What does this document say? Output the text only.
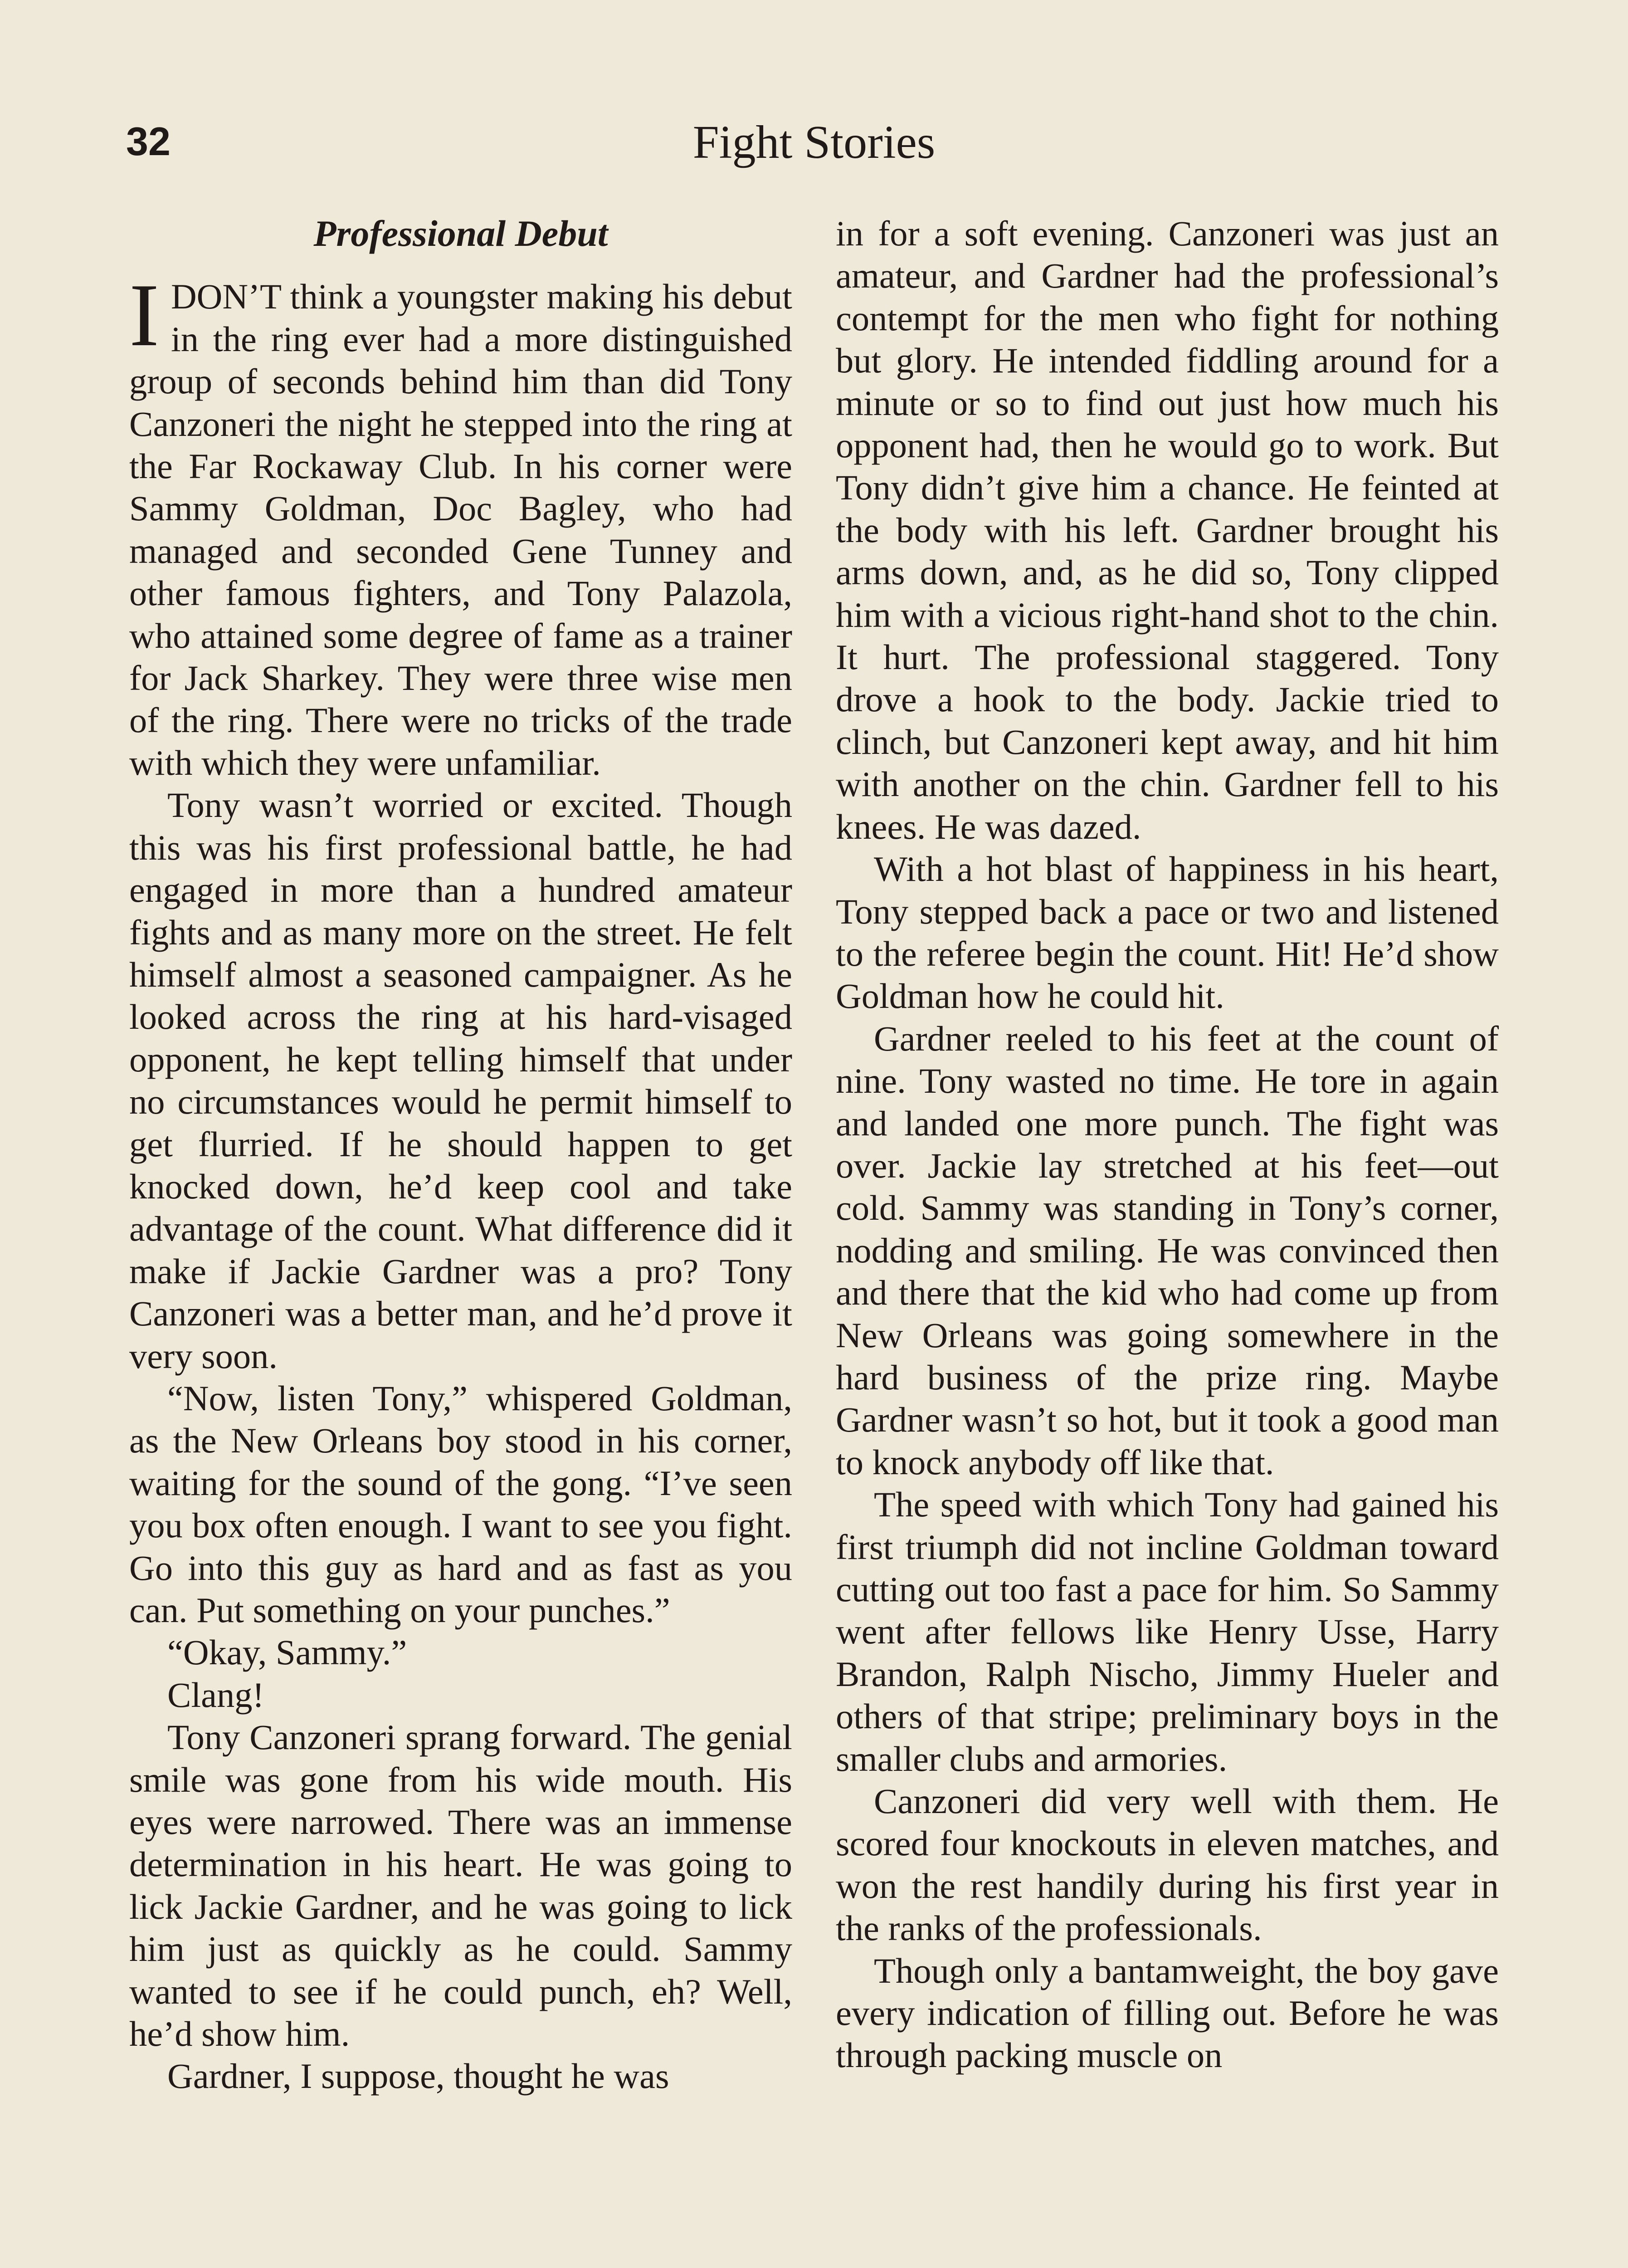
32	Fight Stories
Professional Debut

IDON’T think a youngster making his debut in the ring ever had a more distinguished group of seconds behind him than did Tony Canzoneri the night he stepped into the ring at the Far Rockaway Club. In his corner were Sammy Goldman, Doc Bagley, who had managed and seconded Gene Tunney and other famous fighters, and Tony Palazola, who attained some degree of fame as a trainer for Jack Sharkey. They were three wise men of the ring. There were no tricks of the trade with which they were unfamiliar.

Tony wasn’t worried or excited. Though this was his first professional battle, he had engaged in more than a hundred amateur fights and as many more on the street. He felt himself almost a seasoned campaigner. As he looked across the ring at his hard-visaged opponent, he kept telling himself that under no circumstances would he permit himself to get flurried. If he should happen to get knocked down, he’d keep cool and take advantage of the count. What difference did it make if Jackie Gardner was a pro? Tony Canzoneri was a better man, and he’d prove it very soon.

“Now, listen Tony,” whispered Goldman, as the New Orleans boy stood in his corner, waiting for the sound of the gong. “I’ve seen you box often enough. I want to see you fight. Go into this guy as hard and as fast as you can. Put something on your punches.”

“Okay, Sammy.”

Clang!

Tony Canzoneri sprang forward. The genial smile was gone from his wide mouth. His eyes were narrowed. There was an immense determination in his heart. He was going to lick Jackie Gardner, and he was going to lick him just as quickly as he could. Sammy wanted to see if he could punch, eh? Well, he’d show him.

Gardner, I suppose, thought he was

in for a soft evening. Canzoneri was just an amateur, and Gardner had the professional’s contempt for the men who fight for nothing but glory. He intended fiddling around for a minute or so to find out just how much his opponent had, then he would go to work. But Tony didn’t give him a chance. He feinted at the body with his left. Gardner brought his arms down, and, as he did so, Tony clipped him with a vicious right-hand shot to the chin. It hurt. The professional staggered. Tony drove a hook to the body. Jackie tried to clinch, but Canzoneri kept away, and hit him with another on the chin. Gardner fell to his knees. He was dazed.

With a hot blast of happiness in his heart, Tony stepped back a pace or two and listened to the referee begin the count. Hit! He’d show Goldman how he could hit.

Gardner reeled to his feet at the count of nine. Tony wasted no time. He tore in again and landed one more punch. The fight was over. Jackie lay stretched at his feet—out cold. Sammy was standing in Tony’s corner, nodding and smiling. He was convinced then and there that the kid who had come up from New Orleans was going somewhere in the hard business of the prize ring. Maybe Gardner wasn’t so hot, but it took a good man to knock anybody off like that.

The speed with which Tony had gained his first triumph did not incline Goldman toward cutting out too fast a pace for him. So Sammy went after fellows like Henry Usse, Harry Brandon, Ralph Nischo, Jimmy Hueler and others of that stripe; preliminary boys in the smaller clubs and armories.

Canzoneri did very well with them. He scored four knockouts in eleven matches, and won the rest handily during his first year in the ranks of the professionals.

Though only a bantamweight, the boy gave every indication of filling out. Before he was through packing muscle on
